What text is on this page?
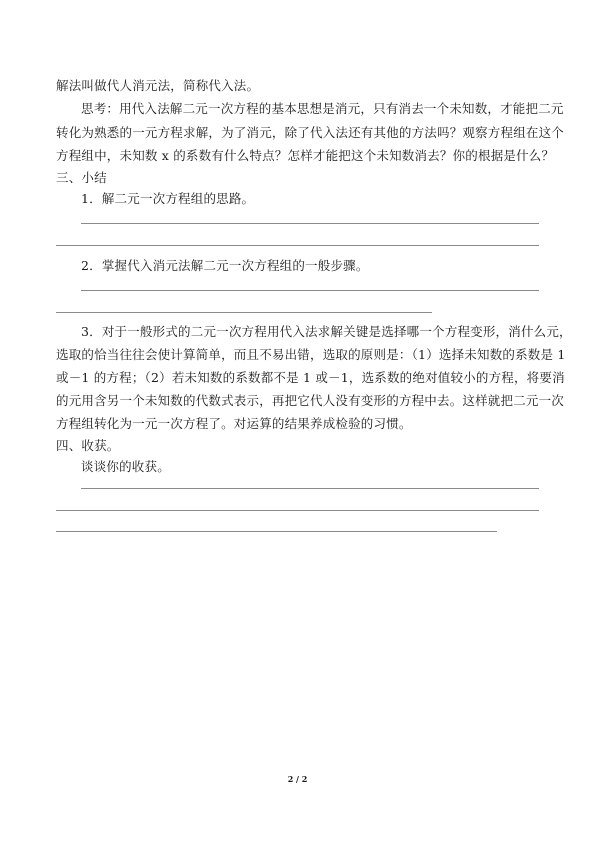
解法叫做代人消元法，简称代入法。
思考：用代入法解二元一次方程的基本思想是消元，只有消去一个未知数，才能把二元
转化为熟悉的一元方程求解，为了消元，除了代入法还有其他的方法吗？观察方程组在这个
方程组中，未知数 x 的系数有什么特点？怎样才能把这个未知数消去？你的根据是什么？
三、小结
1．解二元一次方程组的思路。
2．掌握代入消元法解二元一次方程组的一般步骤。
3．对于一般形式的二元一次方程用代入法求解关键是选择哪一个方程变形，消什么元，
选取的恰当往往会使计算简单，而且不易出错，选取的原则是：（1）选择未知数的系数是 1
或－1 的方程；（2）若未知数的系数都不是 1 或－1，选系数的绝对值较小的方程，将要消
的元用含另一个未知数的代数式表示，再把它代人没有变形的方程中去。这样就把二元一次
方程组转化为一元一次方程了。对运算的结果养成检验的习惯。
四、收获。
谈谈你的收获。
2 / 2
